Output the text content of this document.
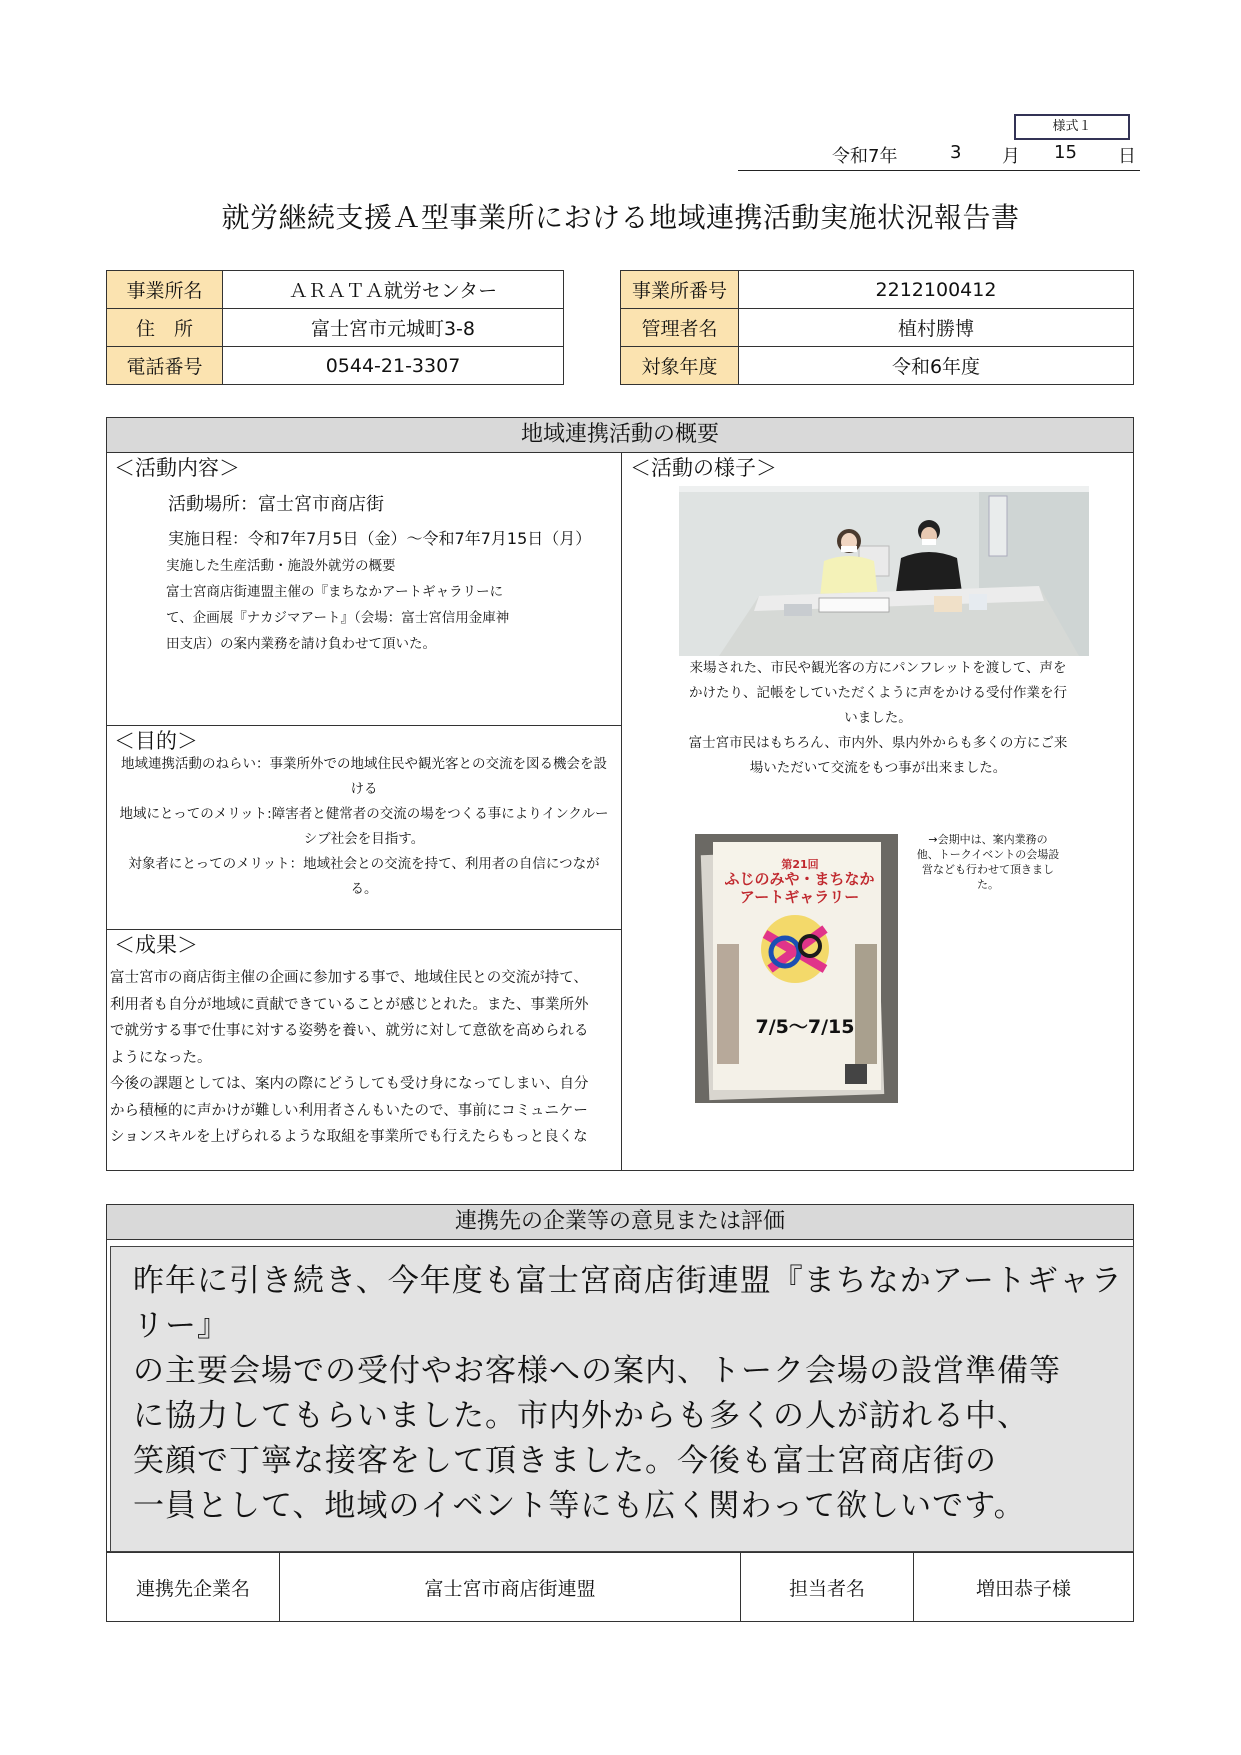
様式１
令和7年	3 月 15 日
就労継続支援Ａ型事業所における地域連携活動実施状況報告書
事業所名	ＡＲＡＴＡ就労センター
住　所	富士宮市元城町3-8
電話番号	0544-21-3307
事業所番号	2212100412
管理者名	植村勝博
対象年度	令和6年度
地域連携活動の概要
＜活動内容＞
活動場所：富士宮市商店街
実施日程：令和7年7月5日（金）～令和7年7月15日（月）
実施した生産活動・施設外就労の概要
富士宮商店街連盟主催の『まちなかアートギャラリーに
て、企画展『ナカジマアート』（会場：富士宮信用金庫神
田支店）の案内業務を請け負わせて頂いた。
＜目的＞
地域連携活動のねらい：事業所外での地域住民や観光客との交流を図る機会を設
ける
地域にとってのメリット:障害者と健常者の交流の場をつくる事によりインクルー
シブ社会を目指す。
対象者にとってのメリット：地域社会との交流を持て、利用者の自信につなが
る。
＜成果＞
富士宮市の商店街主催の企画に参加する事で、地域住民との交流が持て、
利用者も自分が地域に貢献できていることが感じとれた。また、事業所外
で就労する事で仕事に対する姿勢を養い、就労に対して意欲を高められる
ようになった。
今後の課題としては、案内の際にどうしても受け身になってしまい、自分
から積極的に声かけが難しい利用者さんもいたので、事前にコミュニケー
ションスキルを上げられるような取組を事業所でも行えたらもっと良くな
＜活動の様子＞
来場された、市民や観光客の方にパンフレットを渡して、声を
かけたり、記帳をしていただくように声をかける受付作業を行
いました。
富士宮市民はもちろん、市内外、県内外からも多くの方にご来
場いただいて交流をもつ事が出来ました。
第21回
ふじのみや・まちなか
アートギャラリー
7/5～7/15
→会期中は、案内業務の
他、トークイベントの会場設
営なども行わせて頂きまし
た。
連携先の企業等の意見または評価
昨年に引き続き、今年度も富士宮商店街連盟『まちなかアートギャラリー』
の主要会場での受付やお客様への案内、トーク会場の設営準備等
に協力してもらいました。市内外からも多くの人が訪れる中、
笑顔で丁寧な接客をして頂きました。今後も富士宮商店街の
一員として、地域のイベント等にも広く関わって欲しいです。
連携先企業名	富士宮市商店街連盟	担当者名	増田恭子様
